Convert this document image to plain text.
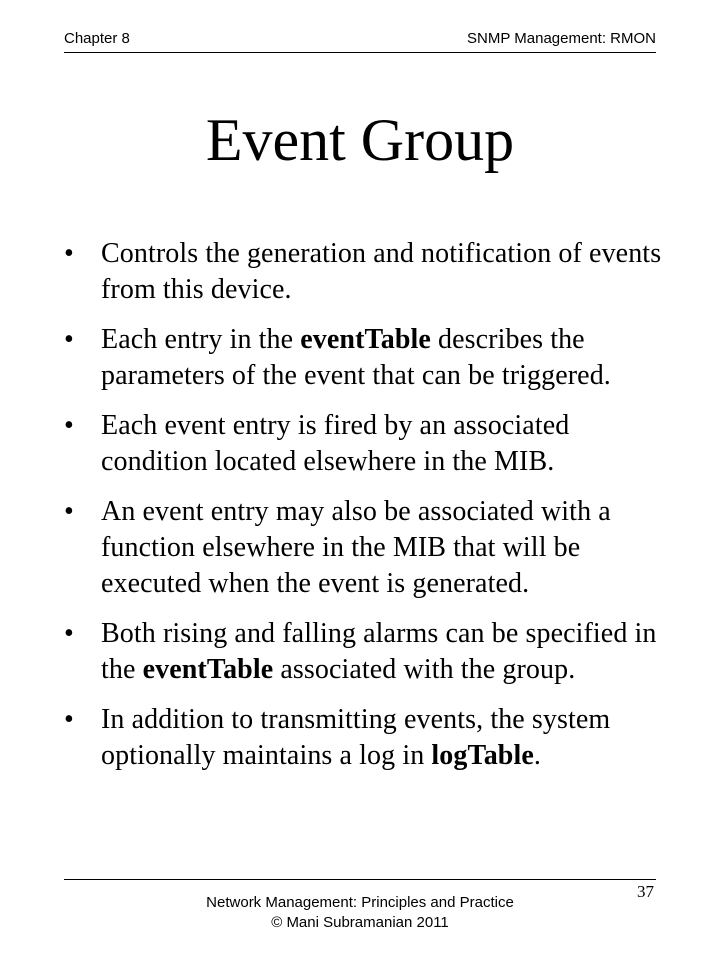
Chapter 8	SNMP Management: RMON
Event Group
• Controls the generation and notification of events from this device.
• Each entry in the eventTable describes the parameters of the event that can be triggered.
• Each event entry is fired by an associated condition located elsewhere in the MIB.
• An event entry may also be associated with a function elsewhere in the MIB that will be executed when the event is generated.
• Both rising and falling alarms can be specified in the eventTable associated with the group.
• In addition to transmitting events, the system optionally maintains a log in logTable.
Network Management: Principles and Practice
© Mani Subramanian 2011
37
